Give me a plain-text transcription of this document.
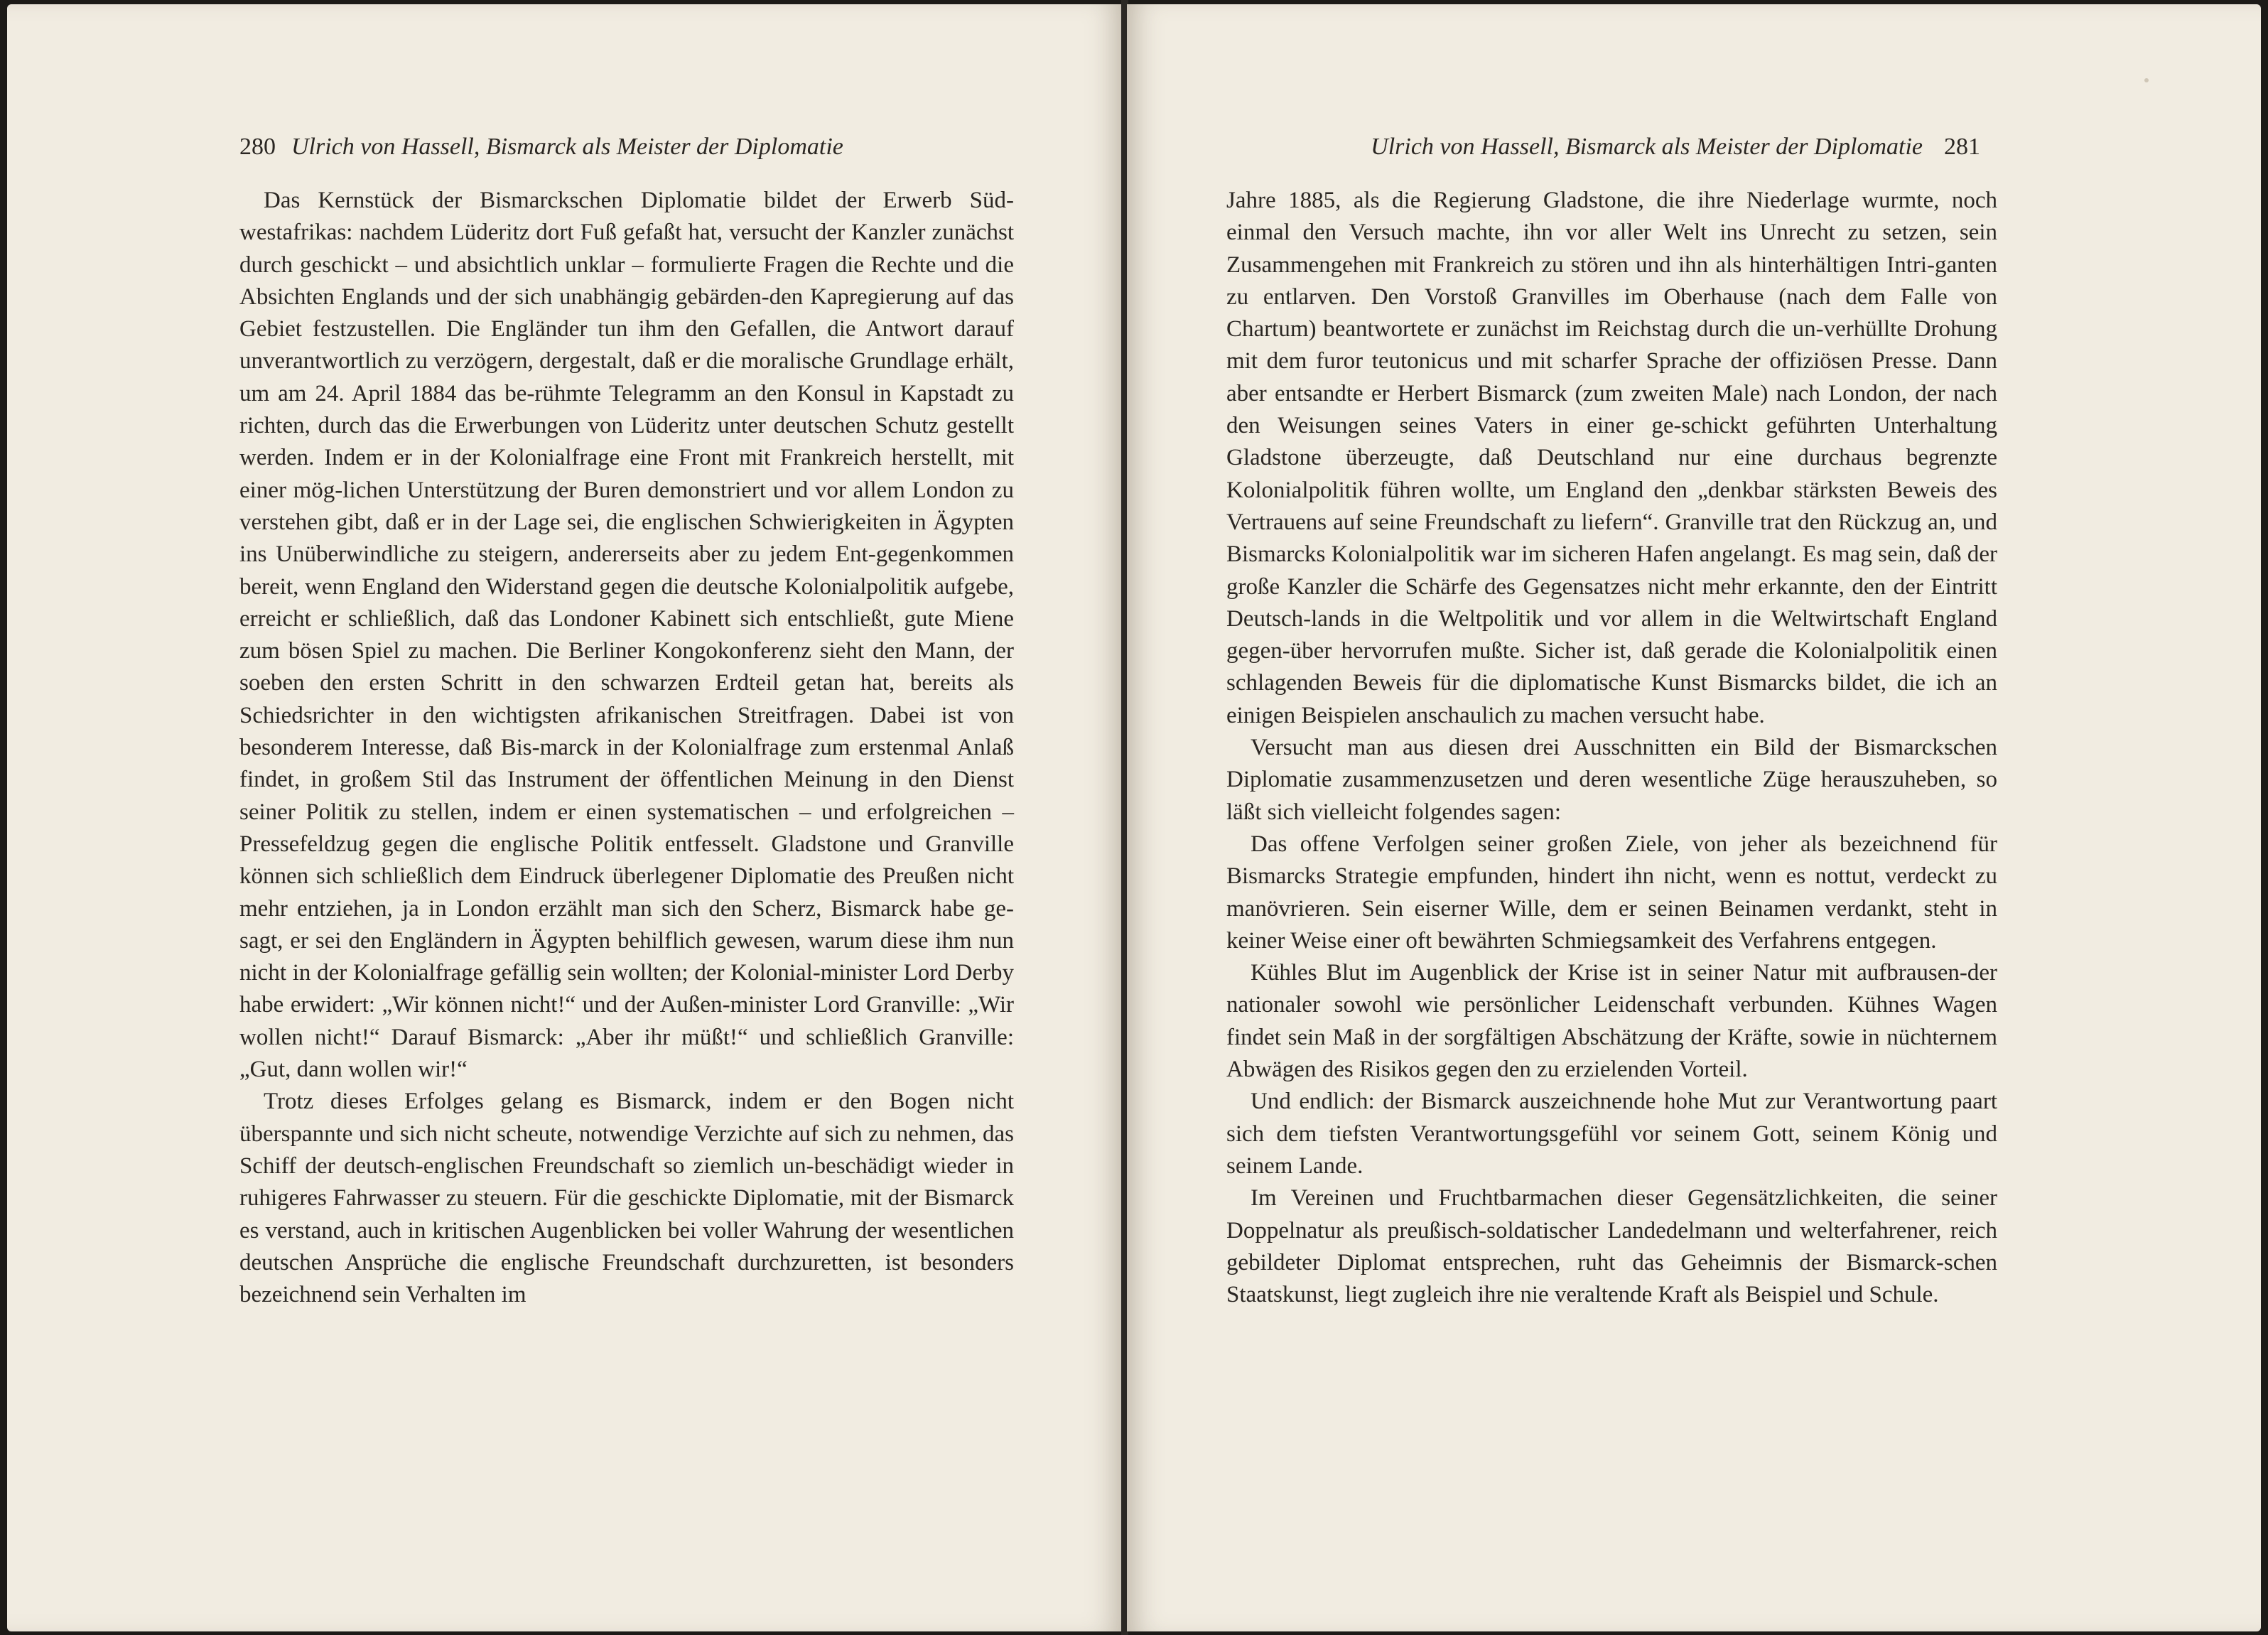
280 Ulrich von Hassell, Bismarck als Meister der Diplomatie

Das Kernstück der Bismarckschen Diplomatie bildet der Erwerb Süd-westafrikas: nachdem Lüderitz dort Fuß gefaßt hat, versucht der Kanzler zunächst durch geschickt – und absichtlich unklar – formulierte Fragen die Rechte und die Absichten Englands und der sich unabhängig gebärden-den Kapregierung auf das Gebiet festzustellen. Die Engländer tun ihm den Gefallen, die Antwort darauf unverantwortlich zu verzögern, dergestalt, daß er die moralische Grundlage erhält, um am 24. April 1884 das be-rühmte Telegramm an den Konsul in Kapstadt zu richten, durch das die Erwerbungen von Lüderitz unter deutschen Schutz gestellt werden. Indem er in der Kolonialfrage eine Front mit Frankreich herstellt, mit einer mög-lichen Unterstützung der Buren demonstriert und vor allem London zu verstehen gibt, daß er in der Lage sei, die englischen Schwierigkeiten in Ägypten ins Unüberwindliche zu steigern, andererseits aber zu jedem Ent-gegenkommen bereit, wenn England den Widerstand gegen die deutsche Kolonialpolitik aufgebe, erreicht er schließlich, daß das Londoner Kabinett sich entschließt, gute Miene zum bösen Spiel zu machen. Die Berliner Kongokonferenz sieht den Mann, der soeben den ersten Schritt in den schwarzen Erdteil getan hat, bereits als Schiedsrichter in den wichtigsten afrikanischen Streitfragen. Dabei ist von besonderem Interesse, daß Bis-marck in der Kolonialfrage zum erstenmal Anlaß findet, in großem Stil das Instrument der öffentlichen Meinung in den Dienst seiner Politik zu stellen, indem er einen systematischen – und erfolgreichen – Pressefeldzug gegen die englische Politik entfesselt. Gladstone und Granville können sich schließlich dem Eindruck überlegener Diplomatie des Preußen nicht mehr entziehen, ja in London erzählt man sich den Scherz, Bismarck habe ge-sagt, er sei den Engländern in Ägypten behilflich gewesen, warum diese ihm nun nicht in der Kolonialfrage gefällig sein wollten; der Kolonial-minister Lord Derby habe erwidert: „Wir können nicht!“ und der Außen-minister Lord Granville: „Wir wollen nicht!“ Darauf Bismarck: „Aber ihr müßt!“ und schließlich Granville: „Gut, dann wollen wir!“

Trotz dieses Erfolges gelang es Bismarck, indem er den Bogen nicht überspannte und sich nicht scheute, notwendige Verzichte auf sich zu nehmen, das Schiff der deutsch-englischen Freundschaft so ziemlich un-beschädigt wieder in ruhigeres Fahrwasser zu steuern. Für die geschickte Diplomatie, mit der Bismarck es verstand, auch in kritischen Augenblicken bei voller Wahrung der wesentlichen deutschen Ansprüche die englische Freundschaft durchzuretten, ist besonders bezeichnend sein Verhalten im

Ulrich von Hassell, Bismarck als Meister der Diplomatie 281

Jahre 1885, als die Regierung Gladstone, die ihre Niederlage wurmte, noch einmal den Versuch machte, ihn vor aller Welt ins Unrecht zu setzen, sein Zusammengehen mit Frankreich zu stören und ihn als hinterhältigen Intri-ganten zu entlarven. Den Vorstoß Granvilles im Oberhause (nach dem Falle von Chartum) beantwortete er zunächst im Reichstag durch die un-verhüllte Drohung mit dem furor teutonicus und mit scharfer Sprache der offiziösen Presse. Dann aber entsandte er Herbert Bismarck (zum zweiten Male) nach London, der nach den Weisungen seines Vaters in einer ge-schickt geführten Unterhaltung Gladstone überzeugte, daß Deutschland nur eine durchaus begrenzte Kolonialpolitik führen wollte, um England den „denkbar stärksten Beweis des Vertrauens auf seine Freundschaft zu liefern“. Granville trat den Rückzug an, und Bismarcks Kolonialpolitik war im sicheren Hafen angelangt. Es mag sein, daß der große Kanzler die Schärfe des Gegensatzes nicht mehr erkannte, den der Eintritt Deutsch-lands in die Weltpolitik und vor allem in die Weltwirtschaft England gegen-über hervorrufen mußte. Sicher ist, daß gerade die Kolonialpolitik einen schlagenden Beweis für die diplomatische Kunst Bismarcks bildet, die ich an einigen Beispielen anschaulich zu machen versucht habe.

Versucht man aus diesen drei Ausschnitten ein Bild der Bismarckschen Diplomatie zusammenzusetzen und deren wesentliche Züge herauszuheben, so läßt sich vielleicht folgendes sagen:

Das offene Verfolgen seiner großen Ziele, von jeher als bezeichnend für Bismarcks Strategie empfunden, hindert ihn nicht, wenn es nottut, verdeckt zu manövrieren. Sein eiserner Wille, dem er seinen Beinamen verdankt, steht in keiner Weise einer oft bewährten Schmiegsamkeit des Verfahrens entgegen.

Kühles Blut im Augenblick der Krise ist in seiner Natur mit aufbrausen-der nationaler sowohl wie persönlicher Leidenschaft verbunden. Kühnes Wagen findet sein Maß in der sorgfältigen Abschätzung der Kräfte, sowie in nüchternem Abwägen des Risikos gegen den zu erzielenden Vorteil.

Und endlich: der Bismarck auszeichnende hohe Mut zur Verantwortung paart sich dem tiefsten Verantwortungsgefühl vor seinem Gott, seinem König und seinem Lande.

Im Vereinen und Fruchtbarmachen dieser Gegensätzlichkeiten, die seiner Doppelnatur als preußisch-soldatischer Landedelmann und welterfahrener, reich gebildeter Diplomat entsprechen, ruht das Geheimnis der Bismarck-schen Staatskunst, liegt zugleich ihre nie veraltende Kraft als Beispiel und Schule.
